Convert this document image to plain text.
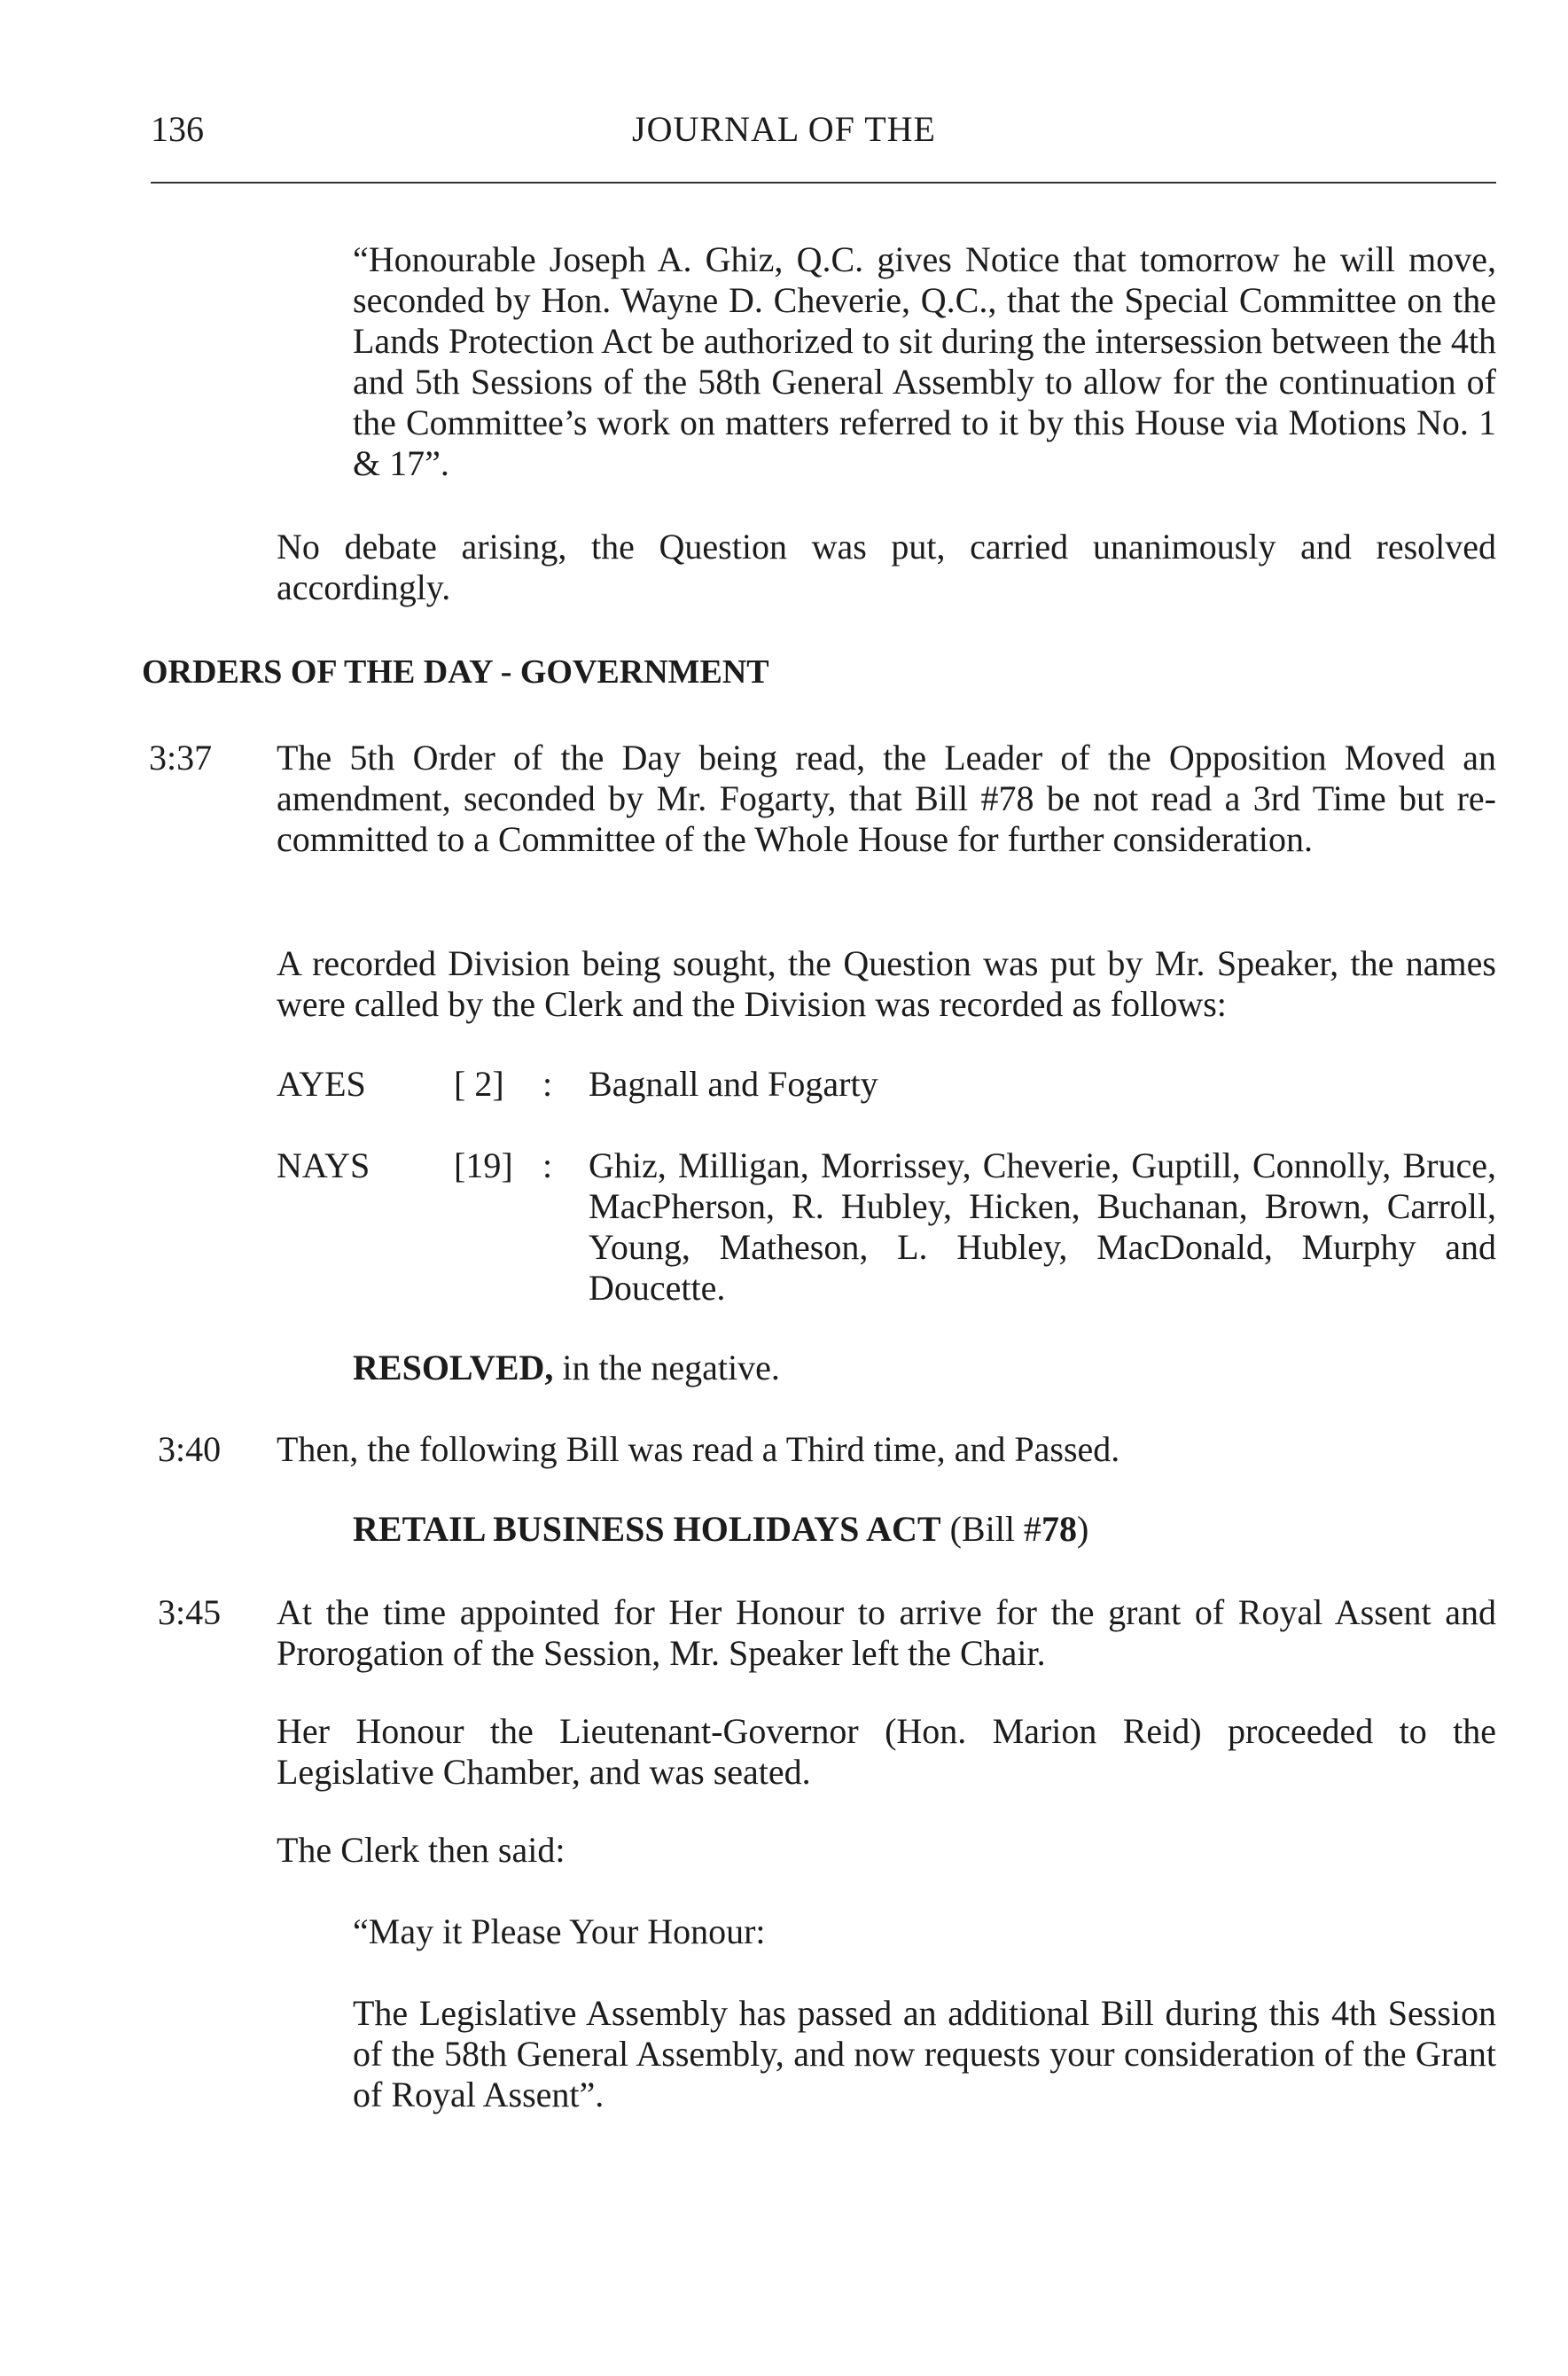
136	JOURNAL OF THE
“Honourable Joseph A. Ghiz, Q.C. gives Notice that tomorrow he will move, seconded by Hon. Wayne D. Cheverie, Q.C., that the Special Committee on the Lands Protection Act be authorized to sit during the intersession between the 4th and 5th Sessions of the 58th General Assembly to allow for the continuation of the Committee’s work on matters referred to it by this House via Motions No. 1 & 17”.
No debate arising, the Question was put, carried unanimously and resolved accordingly.
ORDERS OF THE DAY - GOVERNMENT
3:37 The 5th Order of the Day being read, the Leader of the Opposition Moved an amendment, seconded by Mr. Fogarty, that Bill #78 be not read a 3rd Time but re-committed to a Committee of the Whole House for further consideration.
A recorded Division being sought, the Question was put by Mr. Speaker, the names were called by the Clerk and the Division was recorded as follows:
AYES [ 2] : Bagnall and Fogarty
NAYS [19] : Ghiz, Milligan, Morrissey, Cheverie, Guptill, Connolly, Bruce, MacPherson, R. Hubley, Hicken, Buchanan, Brown, Carroll, Young, Matheson, L. Hubley, MacDonald, Murphy and Doucette.
RESOLVED, in the negative.
3:40 Then, the following Bill was read a Third time, and Passed.
RETAIL BUSINESS HOLIDAYS ACT (Bill #78)
3:45 At the time appointed for Her Honour to arrive for the grant of Royal Assent and Prorogation of the Session, Mr. Speaker left the Chair.
Her Honour the Lieutenant-Governor (Hon. Marion Reid) proceeded to the Legislative Chamber, and was seated.
The Clerk then said:
“May it Please Your Honour:
The Legislative Assembly has passed an additional Bill during this 4th Session of the 58th General Assembly, and now requests your consideration of the Grant of Royal Assent”.
